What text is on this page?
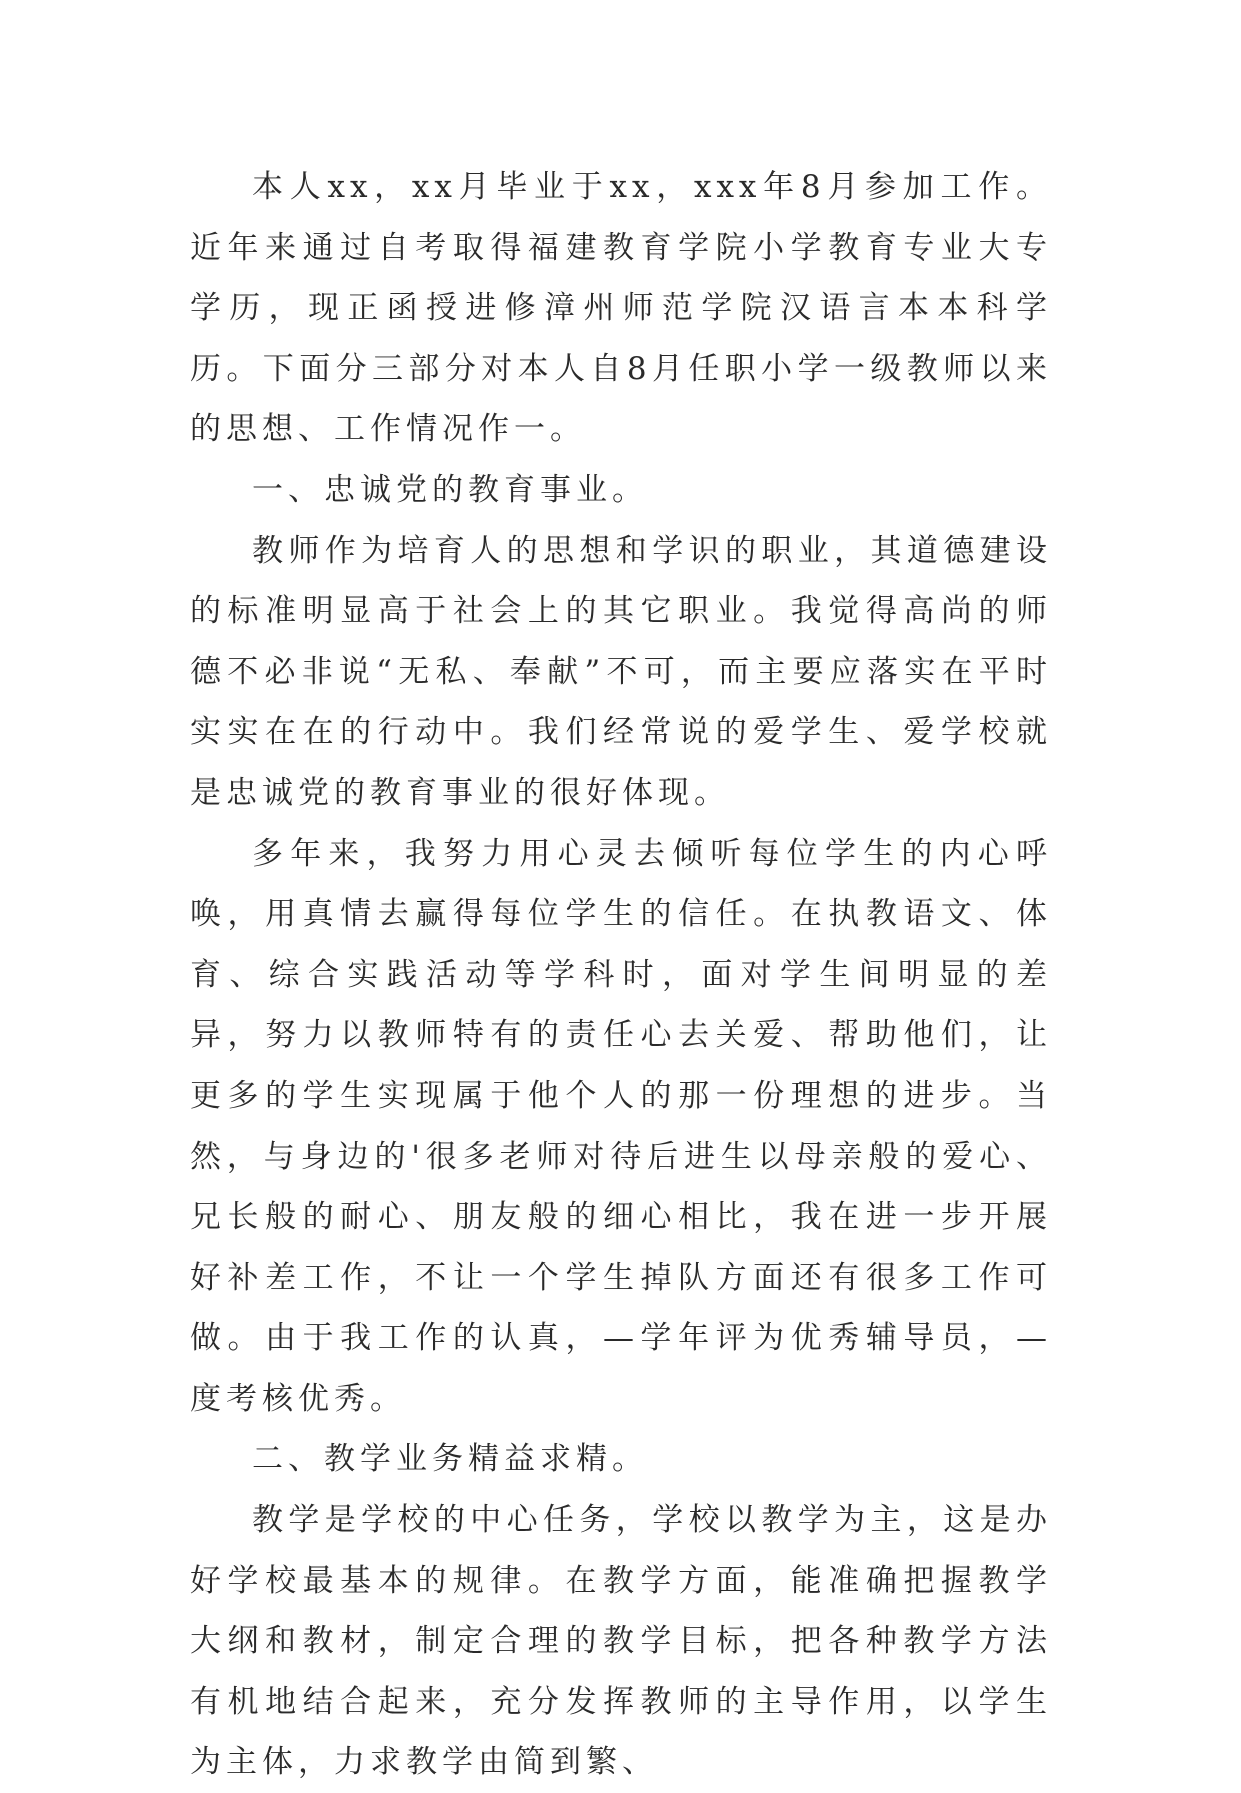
本人xx，xx月毕业于xx，xxx年8月参加工作。近年来通过自考取得福建教育学院小学教育专业大专学历，现正函授进修漳州师范学院汉语言本本科学历。下面分三部分对本人自8月任职小学一级教师以来的思想、工作情况作一。

一、忠诚党的教育事业。

教师作为培育人的思想和学识的职业，其道德建设的标准明显高于社会上的其它职业。我觉得高尚的师德不必非说“无私、奉献”不可，而主要应落实在平时实实在在的行动中。我们经常说的爱学生、爱学校就是忠诚党的教育事业的很好体现。

多年来，我努力用心灵去倾听每位学生的内心呼唤，用真情去赢得每位学生的信任。在执教语文、体育、综合实践活动等学科时，面对学生间明显的差异，努力以教师特有的责任心去关爱、帮助他们，让更多的学生实现属于他个人的那一份理想的进步。当然，与身边的'很多老师对待后进生以母亲般的爱心、兄长般的耐心、朋友般的细心相比，我在进一步开展好补差工作，不让一个学生掉队方面还有很多工作可做。由于我工作的认真，—学年评为优秀辅导员，—度考核优秀。

二、教学业务精益求精。

教学是学校的中心任务，学校以教学为主，这是办好学校最基本的规律。在教学方面，能准确把握教学大纲和教材，制定合理的教学目标，把各种教学方法有机地结合起来，充分发挥教师的主导作用，以学生为主体，力求教学由简到繁、
